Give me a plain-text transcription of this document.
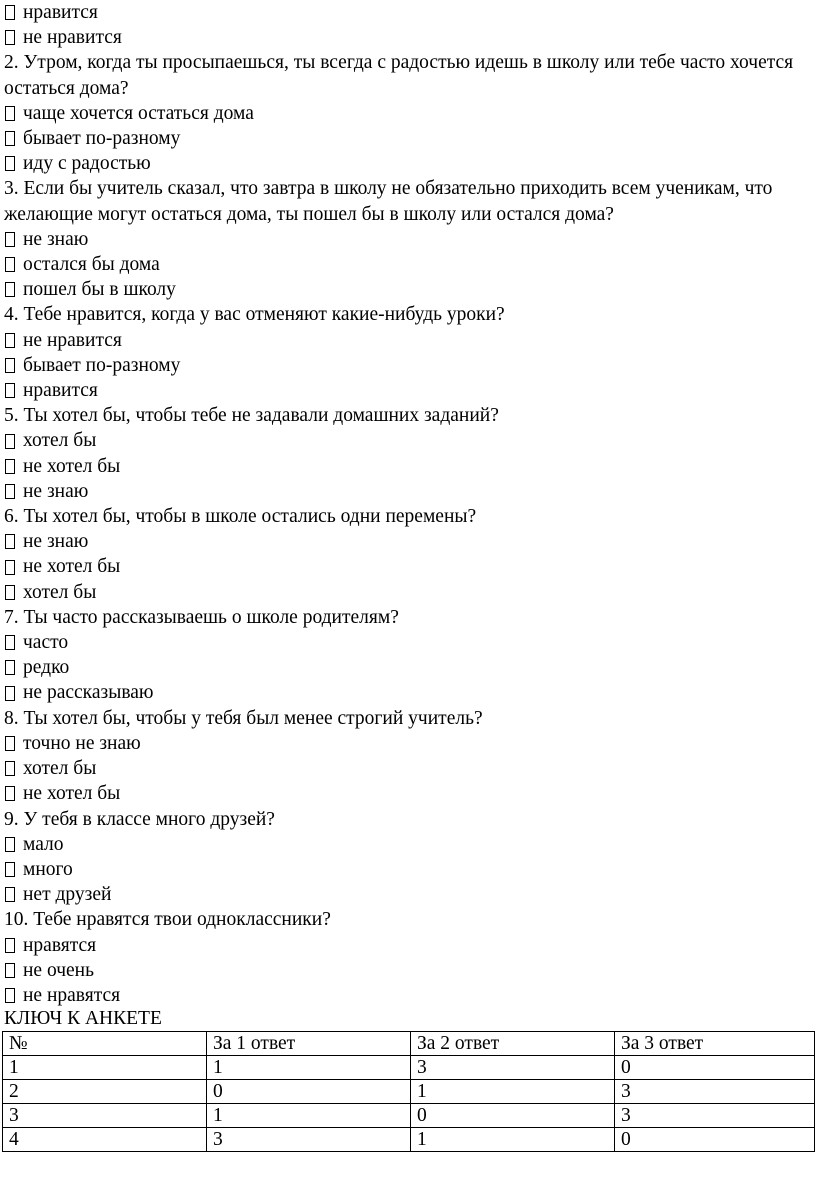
нравится
не нравится
2. Утром, когда ты просыпаешься, ты всегда с радостью идешь в школу или тебе часто хочется остаться дома?
чаще хочется остаться дома
бывает по-разному
иду с радостью
3. Если бы учитель сказал, что завтра в школу не обязательно приходить всем ученикам, что желающие могут остаться дома, ты пошел бы в школу или остался дома?
не знаю
остался бы дома
пошел бы в школу
4. Тебе нравится, когда у вас отменяют какие-нибудь уроки?
не нравится
бывает по-разному
нравится
5. Ты хотел бы, чтобы тебе не задавали домашних заданий?
хотел бы
не хотел бы
не знаю
6. Ты хотел бы, чтобы в школе остались одни перемены?
не знаю
не хотел бы
хотел бы
7. Ты часто рассказываешь о школе родителям?
часто
редко
не рассказываю
8. Ты хотел бы, чтобы у тебя был менее строгий учитель?
точно не знаю
хотел бы
не хотел бы
9. У тебя в классе много друзей?
мало
много
нет друзей
10. Тебе нравятся твои одноклассники?
нравятся
не очень
не нравятся
КЛЮЧ К АНКЕТЕ
№	За 1 ответ	За 2 ответ	За 3 ответ
1	1	3	0
2	0	1	3
3	1	0	3
4	3	1	0
